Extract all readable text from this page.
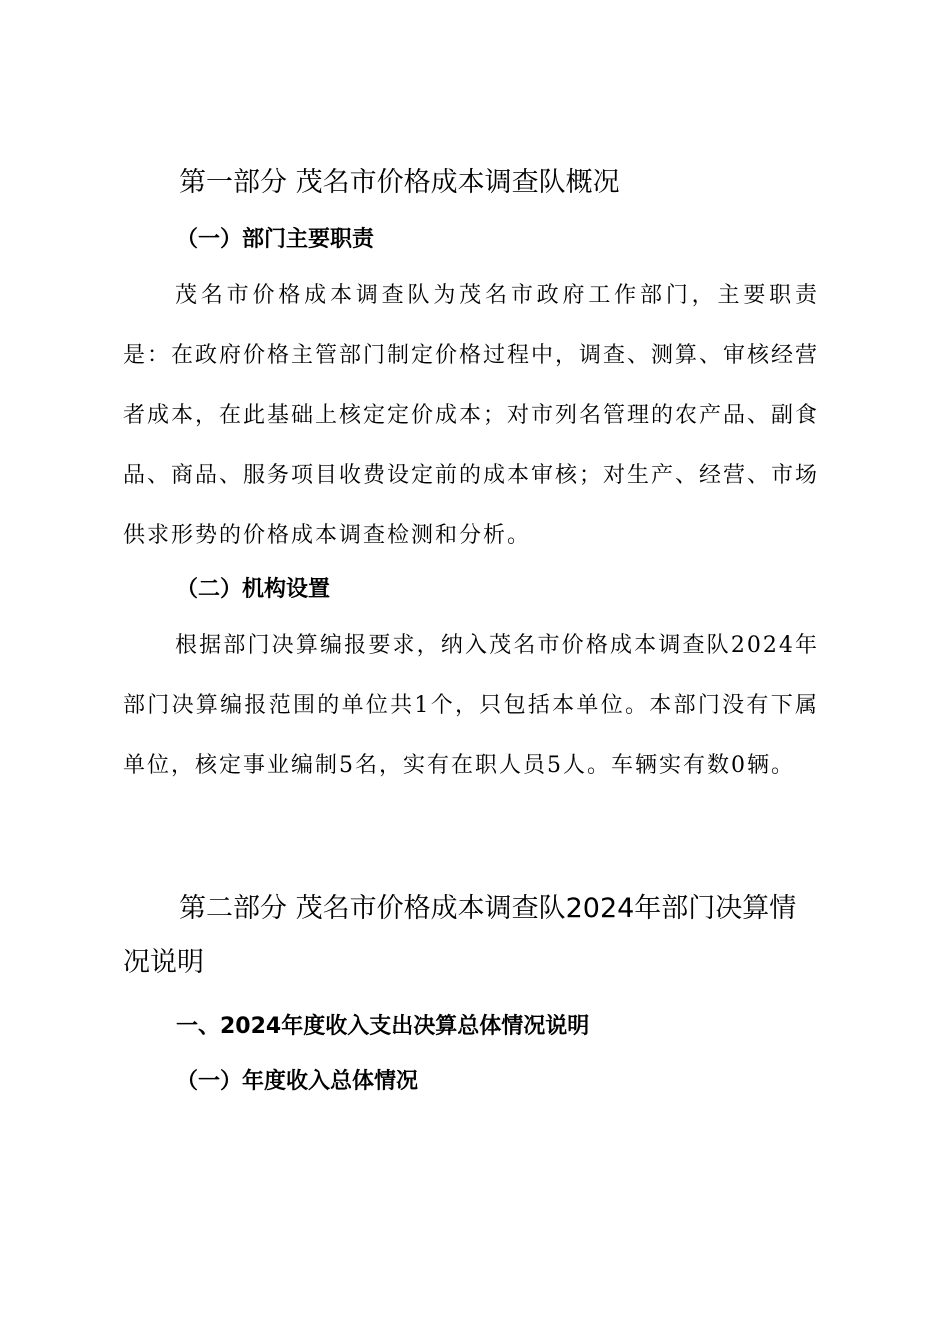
第一部分 茂名市价格成本调查队概况
（一）部门主要职责

茂名市价格成本调查队为茂名市政府工作部门，主要职责是：在政府价格主管部门制定价格过程中，调查、测算、审核经营者成本，在此基础上核定定价成本；对市列名管理的农产品、副食品、商品、服务项目收费设定前的成本审核；对生产、经营、市场供求形势的价格成本调查检测和分析。

（二）机构设置

根据部门决算编报要求，纳入茂名市价格成本调查队2024年部门决算编报范围的单位共1个，只包括本单位。本部门没有下属单位，核定事业编制5名，实有在职人员5人。车辆实有数0辆。

第二部分 茂名市价格成本调查队2024年部门决算情况说明
一、2024年度收入支出决算总体情况说明
（一）年度收入总体情况
